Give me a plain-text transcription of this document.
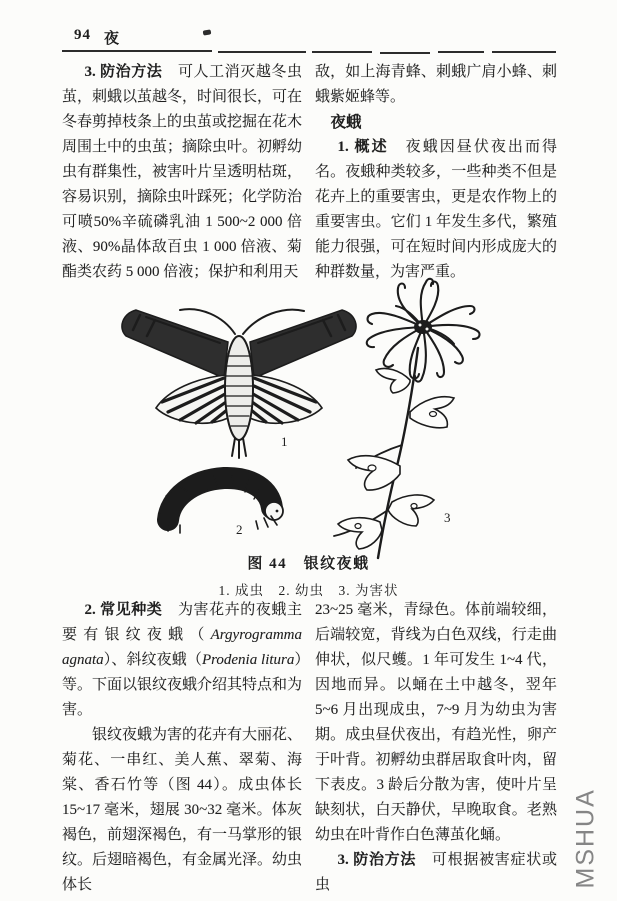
94 夜

3. 防治方法　可人工消灭越冬虫茧，刺蛾以茧越冬，时间很长，可在冬春剪掉枝条上的虫茧或挖掘在花木周围土中的虫茧；摘除虫叶。初孵幼虫有群集性，被害叶片呈透明枯斑，容易识别，摘除虫叶踩死；化学防治可喷50%辛硫磷乳油 1 500~2 000 倍液、90%晶体敌百虫 1 000 倍液、菊酯类农药 5 000 倍液；保护和利用天

敌，如上海青蜂、刺蛾广肩小蜂、刺蛾紫姬蜂等。

夜蛾

1. 概述　夜蛾因昼伏夜出而得名。夜蛾种类较多，一些种类不但是花卉上的重要害虫，更是农作物上的重要害虫。它们 1 年发生多代，繁殖能力很强，可在短时间内形成庞大的种群数量，为害严重。

1
2
3

图 44　银纹夜蛾

1. 成虫　2. 幼虫　3. 为害状

2. 常见种类　为害花卉的夜蛾主要有银纹夜蛾（Argyrogramma agnata）、斜纹夜蛾（Prodenia litura）等。下面以银纹夜蛾介绍其特点和为害。

银纹夜蛾为害的花卉有大丽花、菊花、一串红、美人蕉、翠菊、海棠、香石竹等（图 44）。成虫体长 15~17 毫米，翅展 30~32 毫米。体灰褐色，前翅深褐色，有一马掌形的银纹。后翅暗褐色，有金属光泽。幼虫体长

23~25 毫米，青绿色。体前端较细，后端较宽，背线为白色双线，行走曲伸状，似尺蠖。1 年可发生 1~4 代，因地而异。以蛹在土中越冬，翌年 5~6 月出现成虫，7~9 月为幼虫为害期。成虫昼伏夜出，有趋光性，卵产于叶背。初孵幼虫群居取食叶肉，留下表皮。3 龄后分散为害，使叶片呈缺刻状，白天静伏，早晚取食。老熟幼虫在叶背作白色薄茧化蛹。

3. 防治方法　可根据被害症状或虫	MSHUA
